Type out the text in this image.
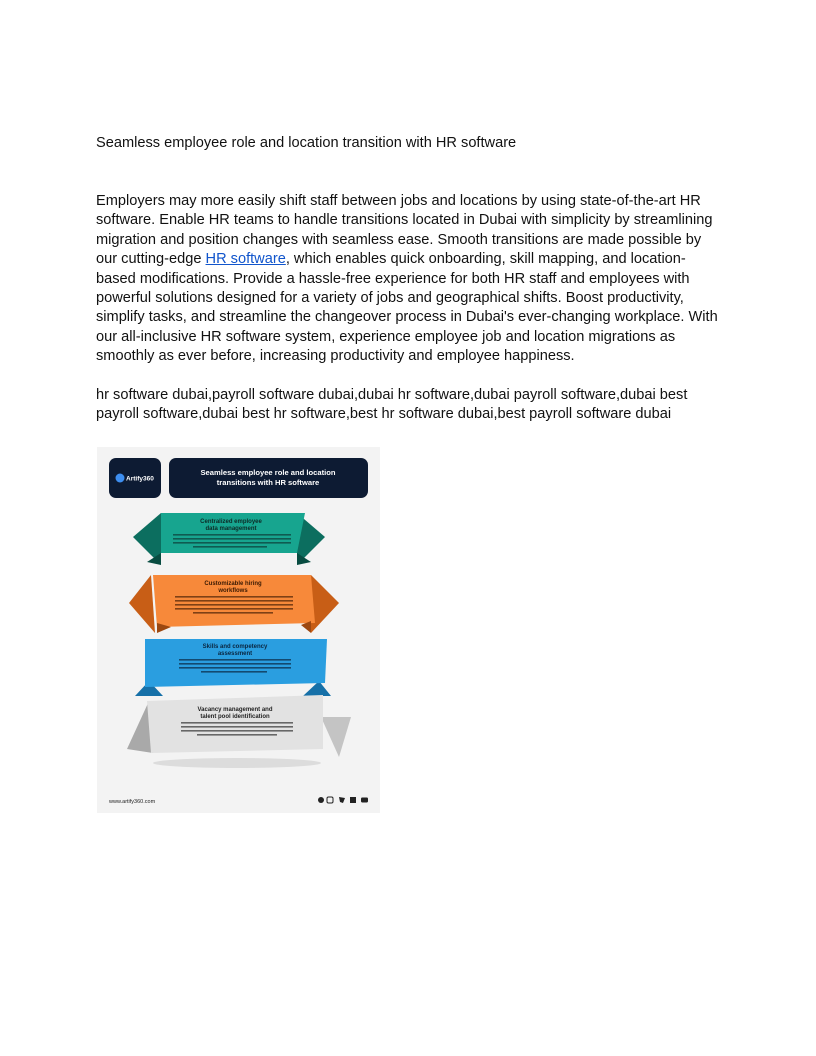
Seamless employee role and location transition with HR software

Employers may more easily shift staff between jobs and locations by using state-of-the-art HR software. Enable HR teams to handle transitions located in Dubai with simplicity by streamlining migration and position changes with seamless ease. Smooth transitions are made possible by our cutting-edge HR software, which enables quick onboarding, skill mapping, and location-based modifications. Provide a hassle-free experience for both HR staff and employees with powerful solutions designed for a variety of jobs and geographical shifts. Boost productivity, simplify tasks, and streamline the changeover process in Dubai's ever-changing workplace. With our all-inclusive HR software system, experience employee job and location migrations as smoothly as ever before, increasing productivity and employee happiness.

hr software dubai,payroll software dubai,dubai hr software,dubai payroll software,dubai best payroll software,dubai best hr software,best hr software dubai,best payroll software dubai

Artify360
Seamless employee role and location
transitions with HR software
Centralized employee
data management
Customizable hiring
workflows
Skills and competency
assessment
Vacancy management and
talent pool identification
www.artify360.com
